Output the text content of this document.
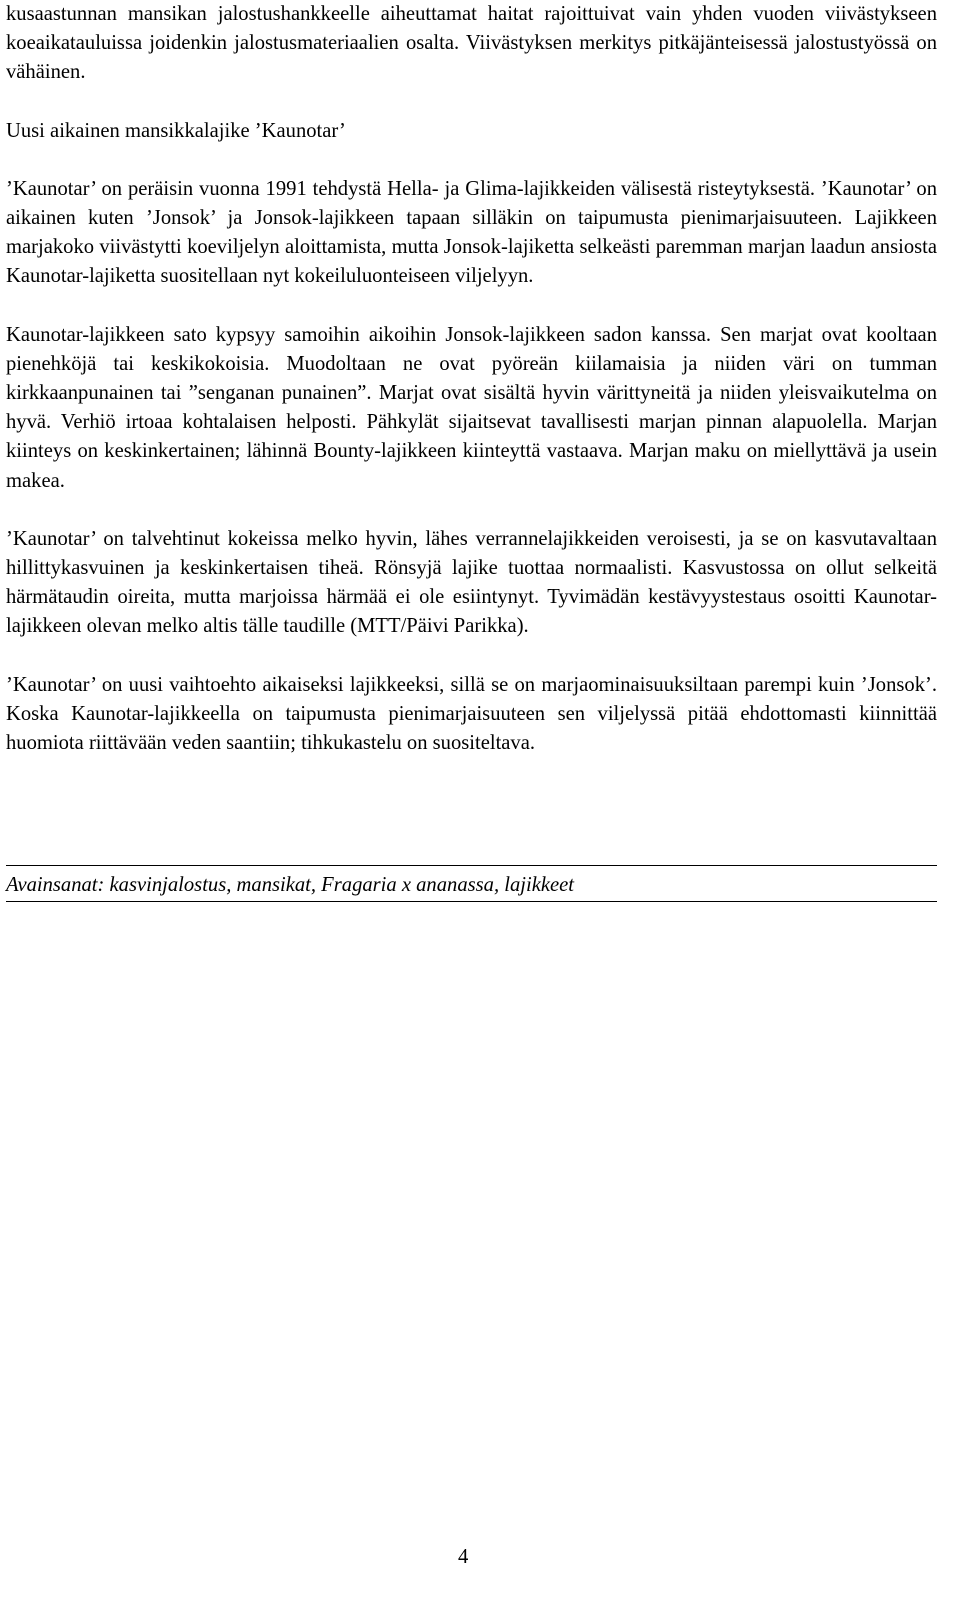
kusaastunnan mansikan jalostushankkeelle aiheuttamat haitat rajoittuivat vain yhden vuoden viivästykseen koeaikatauluissa joidenkin jalostusmateriaalien osalta. Viivästyksen merkitys pitkäjänteisessä jalostustyössä on vähäinen.

Uusi aikainen mansikkalajike ’Kaunotar’

’Kaunotar’ on peräisin vuonna 1991 tehdystä Hella- ja Glima-lajikkeiden välisestä risteytyksestä. ’Kaunotar’ on aikainen kuten ’Jonsok’ ja Jonsok-lajikkeen tapaan silläkin on taipumusta pienimarjaisuuteen. Lajikkeen marjakoko viivästytti koeviljelyn aloittamista, mutta Jonsok-lajiketta selkeästi paremman marjan laadun ansiosta Kaunotar-lajiketta suositellaan nyt kokeiluluonteiseen viljelyyn.

Kaunotar-lajikkeen sato kypsyy samoihin aikoihin Jonsok-lajikkeen sadon kanssa. Sen marjat ovat kooltaan pienehköjä tai keskikokoisia. Muodoltaan ne ovat pyöreän kiilamaisia ja niiden väri on tumman kirkkaanpunainen tai ”senganan punainen”. Marjat ovat sisältä hyvin värittyneitä ja niiden yleisvaikutelma on hyvä. Verhiö irtoaa kohtalaisen helposti. Pähkylät sijaitsevat tavallisesti marjan pinnan alapuolella. Marjan kiinteys on keskinkertainen; lähinnä Bounty-lajikkeen kiinteyttä vastaava. Marjan maku on miellyttävä ja usein makea.

’Kaunotar’ on talvehtinut kokeissa melko hyvin, lähes verrannelajikkeiden veroisesti, ja se on kasvutavaltaan hillittykasvuinen ja keskinkertaisen tiheä. Rönsyjä lajike tuottaa normaalisti. Kasvustossa on ollut selkeitä härmätaudin oireita, mutta marjoissa härmää ei ole esiintynyt. Tyvimädän kestävyystestaus osoitti Kaunotar-lajikkeen olevan melko altis tälle taudille (MTT/Päivi Parikka).

’Kaunotar’ on uusi vaihtoehto aikaiseksi lajikkeeksi, sillä se on marjaominaisuuksiltaan parempi kuin ’Jonsok’. Koska Kaunotar-lajikkeella on taipumusta pienimarjaisuuteen sen viljelyssä pitää ehdottomasti kiinnittää huomiota riittävään veden saantiin; tihkukastelu on suositeltava.

Avainsanat: kasvinjalostus, mansikat, Fragaria x ananassa, lajikkeet
4
